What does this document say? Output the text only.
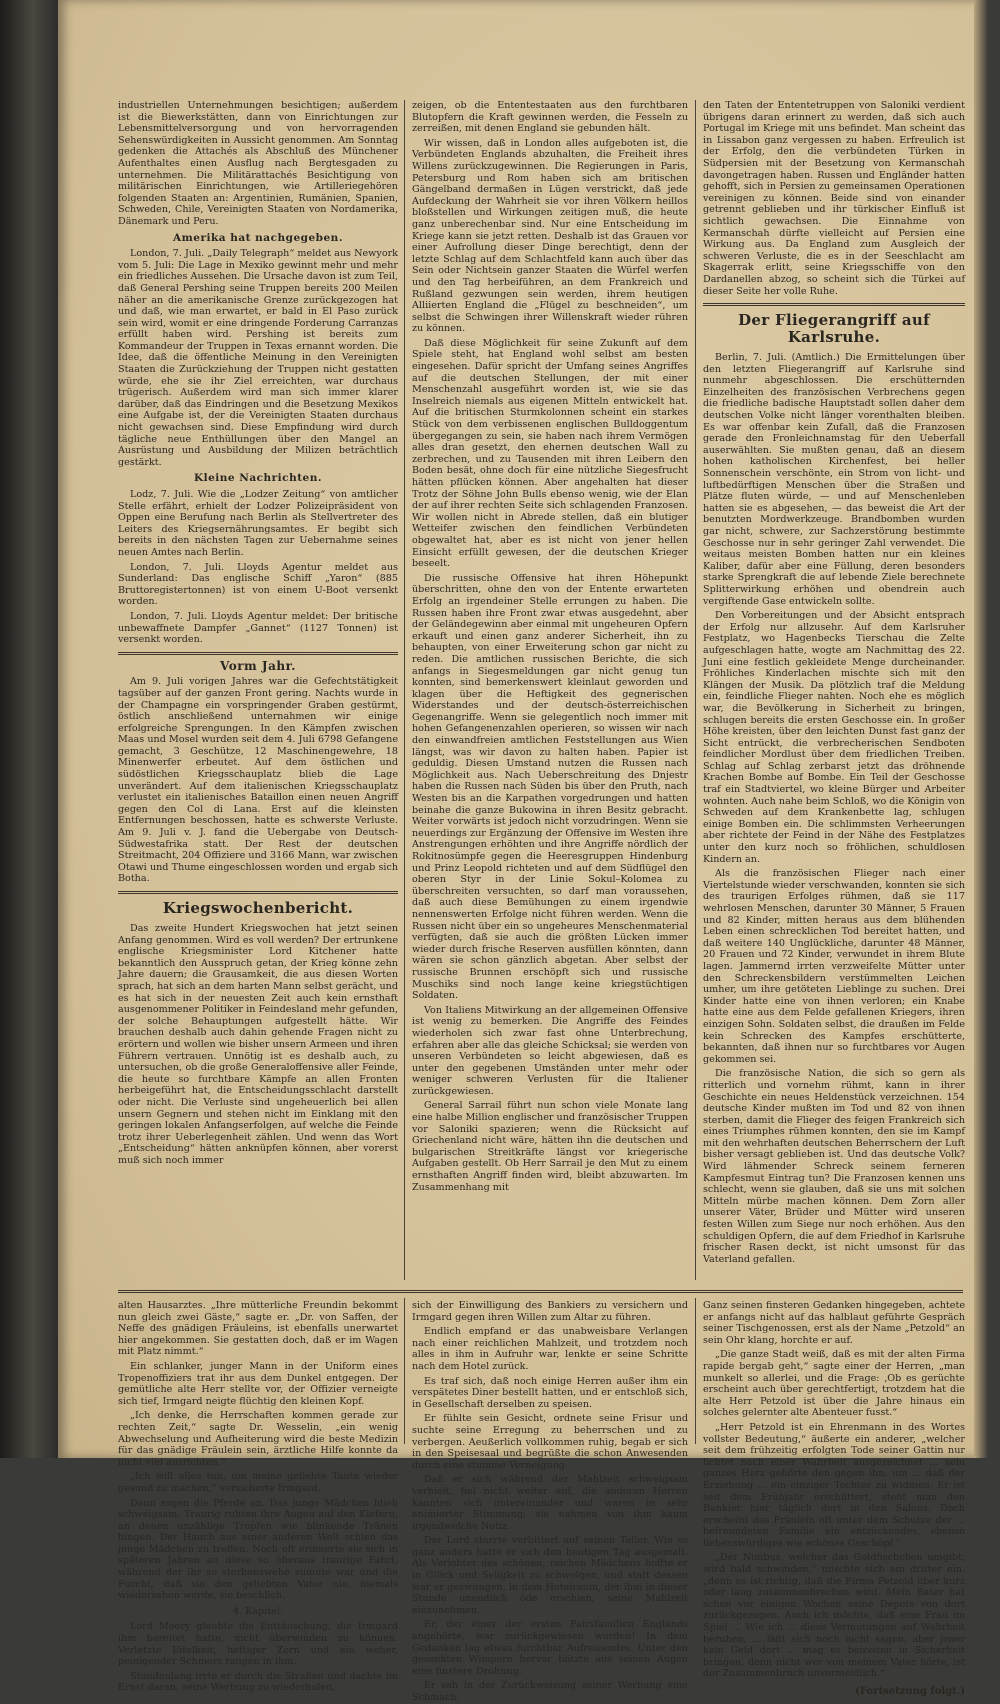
industriellen Unternehmungen besichtigen; außerdem ist die Biewerkstätten, dann von Einrichtungen zur Lebensmittelversorgung und von hervorragenden Sehenswürdigkeiten in Aussicht genommen. Am Sonntag gedenken die Attachés als Abschluß des Münchener Aufenthaltes einen Ausflug nach Bergtesgaden zu unternehmen. Die Militärattachés Besichtigung von militärischen Einrichtungen, wie Artilleriegehören folgenden Staaten an: Argentinien, Rumänien, Spanien, Schweden, Chile, Vereinigten Staaten von Nordamerika, Dänemark und Peru.

Amerika hat nachgegeben.

London, 7. Juli. „Daily Telegraph“ meldet aus Newyork vom 5. Juli: Die Lage in Mexiko gewinnt mehr und mehr ein friedliches Aussehen. Die Ursache davon ist zum Teil, daß General Pershing seine Truppen bereits 200 Meilen näher an die amerikanische Grenze zurückgezogen hat und daß, wie man erwartet, er bald in El Paso zurück sein wird, womit er eine dringende Forderung Carranzas erfüllt haben wird. Pershing ist bereits zum Kommandeur der Truppen in Texas ernannt worden. Die Idee, daß die öffentliche Meinung in den Vereinigten Staaten die Zurückziehung der Truppen nicht gestatten würde, ehe sie ihr Ziel erreichten, war durchaus trügerisch. Außerdem wird man sich immer klarer darüber, daß das Eindringen und die Besetzung Mexikos eine Aufgabe ist, der die Vereinigten Staaten durchaus nicht gewachsen sind. Diese Empfindung wird durch tägliche neue Enthüllungen über den Mangel an Ausrüstung und Ausbildung der Milizen beträchtlich gestärkt.

Kleine Nachrichten.

Lodz, 7. Juli. Wie die „Lodzer Zeitung“ von amtlicher Stelle erfährt, erhielt der Lodzer Polizeipräsident von Oppen eine Berufung nach Berlin als Stellvertreter des Leiters des Kriegsernährungsamtes. Er begibt sich bereits in den nächsten Tagen zur Uebernahme seines neuen Amtes nach Berlin.

London, 7. Juli. Lloyds Agentur meldet aus Sunderland: Das englische Schiff „Yaron“ (885 Bruttoregistertonnen) ist von einem U-Boot versenkt worden.

London, 7. Juli. Lloyds Agentur meldet: Der britische unbewaffnete Dampfer „Gannet“ (1127 Tonnen) ist versenkt worden.

Vorm Jahr.

Am 9. Juli vorigen Jahres war die Gefechtstätigkeit tagsüber auf der ganzen Front gering. Nachts wurde in der Champagne ein vorspringender Graben gestürmt, östlich anschließend unternahmen wir einige erfolgreiche Sprengungen. In den Kämpfen zwischen Maas und Mosel wurden seit dem 4. Juli 6798 Gefangene gemacht, 3 Geschütze, 12 Maschinengewehre, 18 Minenwerfer erbeutet. Auf dem östlichen und südöstlichen Kriegsschauplatz blieb die Lage unverändert. Auf dem italienischen Kriegsschauplatz verlustet ein italienisches Bataillon einen neuen Angriff gegen den Col di Lana. Erst auf die kleinsten Entfernungen beschossen, hatte es schwerste Verluste. Am 9. Juli v. J. fand die Uebergabe von Deutsch-Südwestafrika statt. Der Rest der deutschen Streitmacht, 204 Offiziere und 3166 Mann, war zwischen Otawi und Thume eingeschlossen worden und ergab sich Botha.

Kriegswochenbericht.

Das zweite Hundert Kriegswochen hat jetzt seinen Anfang genommen. Wird es voll werden? Der ertrunkene englische Kriegsminister Lord Kitchener hatte bekanntlich den Ausspruch getan, der Krieg könne zehn Jahre dauern; die Grausamkeit, die aus diesen Worten sprach, hat sich an dem harten Mann selbst gerächt, und es hat sich in der neuesten Zeit auch kein ernsthaft ausgenommener Politiker in Feindesland mehr gefunden, der solche Behauptungen aufgestellt hätte. Wir brauchen deshalb auch dahin gehende Fragen nicht zu erörtern und wollen wie bisher unsern Armeen und ihren Führern vertrauen. Unnötig ist es deshalb auch, zu untersuchen, ob die große Generaloffensive aller Feinde, die heute so furchtbare Kämpfe an allen Fronten herbeigeführt hat, die Entscheidungsschlacht darstellt oder nicht. Die Verluste sind ungeheuerlich bei allen unsern Gegnern und stehen nicht im Einklang mit den geringen lokalen Anfangserfolgen, auf welche die Feinde trotz ihrer Ueberlegenheit zählen. Und wenn das Wort „Entscheidung“ hätten anknüpfen können, aber vorerst muß sich noch immer

zeigen, ob die Ententestaaten aus den furchtbaren Blutopfern die Kraft gewinnen werden, die Fesseln zu zerreißen, mit denen England sie gebunden hält.

Wir wissen, daß in London alles aufgeboten ist, die Verbündeten Englands abzuhalten, die Freiheit ihres Willens zurückzugewinnen. Die Regierungen in Paris, Petersburg und Rom haben sich am britischen Gängelband dermaßen in Lügen verstrickt, daß jede Aufdeckung der Wahrheit sie vor ihren Völkern heillos bloßstellen und Wirkungen zeitigen muß, die heute ganz unberechenbar sind. Nur eine Entscheidung im Kriege kann sie jetzt retten. Deshalb ist das Grauen vor einer Aufrollung dieser Dinge berechtigt, denn der letzte Schlag auf dem Schlachtfeld kann auch über das Sein oder Nichtsein ganzer Staaten die Würfel werfen und den Tag herbeiführen, an dem Frankreich und Rußland gezwungen sein werden, ihrem heutigen Alliierten England die „Flügel zu beschneiden“, um selbst die Schwingen ihrer Willenskraft wieder rühren zu können.

Daß diese Möglichkeit für seine Zukunft auf dem Spiele steht, hat England wohl selbst am besten eingesehen. Dafür spricht der Umfang seines Angriffes auf die deutschen Stellungen, der mit einer Menschenzahl ausgeführt worden ist, wie sie das Inselreich niemals aus eigenen Mitteln entwickelt hat. Auf die britischen Sturmkolonnen scheint ein starkes Stück von dem verbissenen englischen Bulldoggentum übergegangen zu sein, sie haben nach ihrem Vermögen alles dran gesetzt, den ehernen deutschen Wall zu zerbrechen, und zu Tausenden mit ihren Leibern den Boden besät, ohne doch für eine nützliche Siegesfrucht hätten pflücken können. Aber angehalten hat dieser Trotz der Söhne John Bulls ebenso wenig, wie der Elan der auf ihrer rechten Seite sich schlagenden Franzosen. Wir wollen nicht in Abrede stellen, daß ein blutiger Wetteifer zwischen den feindlichen Verbündeten obgewaltet hat, aber es ist nicht von jener hellen Einsicht erfüllt gewesen, der die deutschen Krieger beseelt.

Die russische Offensive hat ihren Höhepunkt überschritten, ohne den von der Entente erwarteten Erfolg an irgendeiner Stelle errungen zu haben. Die Russen haben ihre Front zwar etwas ausgedehnt, aber der Geländegewinn aber einmal mit ungeheuren Opfern erkauft und einen ganz anderer Sicherheit, ihn zu behaupten, von einer Erweiterung schon gar nicht zu reden. Die amtlichen russischen Berichte, die sich anfangs in Siegesmeldungen gar nicht genug tun konnten, sind bemerkenswert kleinlaut geworden und klagen über die Heftigkeit des gegnerischen Widerstandes und der deutsch-österreichischen Gegenangriffe. Wenn sie gelegentlich noch immer mit hohen Gefangenenzahlen operieren, so wissen wir nach den einwandfreien amtlichen Feststellungen aus Wien längst, was wir davon zu halten haben. Papier ist geduldig. Diesen Umstand nutzen die Russen nach Möglichkeit aus. Nach Ueberschreitung des Dnjestr haben die Russen nach Süden bis über den Pruth, nach Westen bis an die Karpathen vorgedrungen und hatten beinahe die ganze Bukowina in ihren Besitz gebracht. Weiter vorwärts ist jedoch nicht vorzudringen. Wenn sie neuerdings zur Ergänzung der Offensive im Westen ihre Anstrengungen erhöhten und ihre Angriffe nördlich der Rokitnosümpfe gegen die Heeresgruppen Hindenburg und Prinz Leopold richteten und auf dem Südflügel den oberen Styr in der Linie Sokul–Kolomea zu überschreiten versuchten, so darf man voraussehen, daß auch diese Bemühungen zu einem irgendwie nennenswerten Erfolge nicht führen werden. Wenn die Russen nicht über ein so ungeheures Menschenmaterial verfügten, daß sie auch die größten Lücken immer wieder durch frische Reserven ausfüllen könnten, dann wären sie schon gänzlich abgetan. Aber selbst der russische Brunnen erschöpft sich und russische Muschiks sind noch lange keine kriegstüchtigen Soldaten.

Von Italiens Mitwirkung an der allgemeinen Offensive ist wenig zu bemerken. Die Angriffe des Feindes wiederholen sich zwar fast ohne Unterbrechung, erfahren aber alle das gleiche Schicksal; sie werden von unseren Verbündeten so leicht abgewiesen, daß es unter den gegebenen Umständen unter mehr oder weniger schweren Verlusten für die Italiener zurückgewiesen.

General Sarrail führt nun schon viele Monate lang eine halbe Million englischer und französischer Truppen vor Saloniki spazieren; wenn die Rücksicht auf Griechenland nicht wäre, hätten ihn die deutschen und bulgarischen Streitkräfte längst vor kriegerische Aufgaben gestellt. Ob Herr Sarrail je den Mut zu einem ernsthaften Angriff finden wird, bleibt abzuwarten. Im Zusammenhang mit

den Taten der Ententetruppen von Saloniki verdient übrigens daran erinnert zu werden, daß sich auch Portugal im Kriege mit uns befindet. Man scheint das in Lissabon ganz vergessen zu haben. Erfreulich ist der Erfolg, den die verbündeten Türken in Südpersien mit der Besetzung von Kermanschah davongetragen haben. Russen und Engländer hatten gehofft, sich in Persien zu gemeinsamen Operationen vereinigen zu können. Beide sind von einander getrennt geblieben und ihr türkischer Einfluß ist sichtlich gewachsen. Die Einnahme von Kermanschah dürfte vielleicht auf Persien eine Wirkung aus. Da England zum Ausgleich der schweren Verluste, die es in der Seeschlacht am Skagerrak erlitt, seine Kriegsschiffe von den Dardanellen abzog, so scheint sich die Türkei auf dieser Seite her volle Ruhe.

Der Fliegerangriff auf Karlsruhe.

Berlin, 7. Juli. (Amtlich.) Die Ermittelungen über den letzten Fliegerangriff auf Karlsruhe sind nunmehr abgeschlossen. Die erschütternden Einzelheiten des französischen Verbrechens gegen die friedliche badische Hauptstadt sollen daher dem deutschen Volke nicht länger vorenthalten bleiben. Es war offenbar kein Zufall, daß die Franzosen gerade den Fronleichnamstag für den Ueberfall auserwählten. Sie mußten genau, daß an diesem hohen katholischen Kirchenfest, bei heller Sonnenschein verschönte, ein Strom von licht- und luftbedürftigen Menschen über die Straßen und Plätze fluten würde, — und auf Menschenleben hatten sie es abgesehen, — das beweist die Art der benutzten Mordwerkzeuge. Brandbomben wurden gar nicht, schwere, zur Sachzerstörung bestimmte Geschosse nur in sehr geringer Zahl verwendet. Die weitaus meisten Bomben hatten nur ein kleines Kaliber, dafür aber eine Füllung, deren besonders starke Sprengkraft die auf lebende Ziele berechnete Splitterwirkung erhöhen und obendrein auch vergiftende Gase entwickeln sollte.

Den Vorbereitungen und der Absicht entsprach der Erfolg nur allzusehr. Auf dem Karlsruher Festplatz, wo Hagenbecks Tierschau die Zelte aufgeschlagen hatte, wogte am Nachmittag des 22. Juni eine festlich gekleidete Menge durcheinander. Fröhliches Kinderlachen mischte sich mit den Klängen der Musik. Da plötzlich traf die Meldung ein, feindliche Flieger nahten. Noch ehe es möglich war, die Bevölkerung in Sicherheit zu bringen, schlugen bereits die ersten Geschosse ein. In großer Höhe kreisten, über den leichten Dunst fast ganz der Sicht entrückt, die verbrecherischen Sendboten feindlicher Mordlust über dem friedlichen Treiben. Schlag auf Schlag zerbarst jetzt das dröhnende Krachen Bombe auf Bombe. Ein Teil der Geschosse traf ein Stadtviertel, wo kleine Bürger und Arbeiter wohnten. Auch nahe beim Schloß, wo die Königin von Schweden auf dem Krankenbette lag, schlugen einige Bomben ein. Die schlimmsten Verheerungen aber richtete der Feind in der Nähe des Festplatzes unter den kurz noch so fröhlichen, schuldlosen Kindern an.

Als die französischen Flieger nach einer Viertelstunde wieder verschwanden, konnten sie sich des traurigen Erfolges rühmen, daß sie 117 wehrlosen Menschen, darunter 30 Männer, 5 Frauen und 82 Kinder, mitten heraus aus dem blühenden Leben einen schrecklichen Tod bereitet hatten, und daß weitere 140 Unglückliche, darunter 48 Männer, 20 Frauen und 72 Kinder, verwundet in ihrem Blute lagen. Jammernd irrten verzweifelte Mütter unter den Schreckensbildern verstümmelten Leichen umher, um ihre getöteten Lieblinge zu suchen. Drei Kinder hatte eine von ihnen verloren; ein Knabe hatte eine aus dem Felde gefallenen Kriegers, ihren einzigen Sohn. Soldaten selbst, die draußen im Felde kein Schrecken des Kampfes erschütterte, bekannten, daß ihnen nur so furchtbares vor Augen gekommen sei.

Die französische Nation, die sich so gern als ritterlich und vornehm rühmt, kann in ihrer Geschichte ein neues Heldenstück verzeichnen. 154 deutsche Kinder mußten im Tod und 82 von ihnen sterben, damit die Flieger des feigen Frankreich sich eines Triumphes rühmen konnten, den sie im Kampf mit den wehrhaften deutschen Beherrschern der Luft bisher versagt geblieben ist. Und das deutsche Volk? Wird lähmender Schreck seinem ferneren Kampfesmut Eintrag tun? Die Franzosen kennen uns schlecht, wenn sie glauben, daß sie uns mit solchen Mitteln mürbe machen können. Dem Zorn aller unserer Väter, Brüder und Mütter wird unseren festen Willen zum Siege nur noch erhöhen. Aus den schuldigen Opfern, die auf dem Friedhof in Karlsruhe frischer Rasen deckt, ist nicht umsonst für das Vaterland gefallen.

alten Hausarztes. „Ihre mütterliche Freundin bekommt nun gleich zwei Gäste,“ sagte er. „Dr. von Saffen, der Neffe des gnädigen Fräuleins, ist ebenfalls unerwartet hier angekommen. Sie gestatten doch, daß er im Wagen mit Platz nimmt.“

Ein schlanker, junger Mann in der Uniform eines Tropenoffiziers trat ihr aus dem Dunkel entgegen. Der gemütliche alte Herr stellte vor, der Offizier verneigte sich tief, Irmgard neigte flüchtig den kleinen Kopf.

„Ich denke, die Herrschaften kommen gerade zur rechten Zeit,“ sagte Dr. Wesselin, „ein wenig Abwechselung und Aufheiterung wird die beste Medizin für das gnädige Fräulein sein, ärztliche Hilfe konnte da nicht viel ausrichten.“

„Ich will alles tun, um meine geliebte Tante wieder gesund zu machen,“ versicherte Irmgard.

Dann zogen die Pferde an. Das junge Mädchen blieb schweigsam. Traurig ruhten ihre Augen auf den Kiefern, an denen unzählige Tropfen wie blinkende Tränen hingen. Der Hauch aus einer anderen Welt schien das junge Mädchen zu treffen. Noch oft erinnerte sie sich in späteren Jahren an diese so überaus traurige Fahrt, während der ihr so sterbenswehe zumute war und die Furcht, daß sie den geliebten Vater nie, niemals wiedersehen werde, sie beschlich.

4. Kapitel.

Lord Moory glaubte die Enttäuschung, die Irmgard ihm bereitet hatte, nicht überwinden zu können. Verletzte Eitelkeit, heftiger Zorn und ein weher, peinigender Schmerz rangen in ihm.

Stundenlang irrte er durch die Straßen und dachte im Ernst daran, seine Werbung zu wiederholen,

sich der Einwilligung des Bankiers zu versichern und Irmgard gegen ihren Willen zum Altar zu führen.

Endlich empfand er das unabweisbare Verlangen nach einer reichlichen Mahlzeit, und trotzdem noch alles in ihm in Aufruhr war, lenkte er seine Schritte nach dem Hotel zurück.

Es traf sich, daß noch einige Herren außer ihm ein verspätetes Diner bestellt hatten, und er entschloß sich, in Gesellschaft derselben zu speisen.

Er fühlte sein Gesicht, ordnete seine Frisur und suchte seine Erregung zu beherrschen und zu verbergen. Aeußerlich vollkommen ruhig, begab er sich in den Speisesaal und begrüßte die schon Anwesenden durch eine stumme Verneigung.

Daß er sich während der Mahlzeit schweigsam verhielt, fiel nicht weiter auf, die anderen Herren kannten sich untereinander und waren in sehr animierter Stimmung; sie nahmen von ihm kaum irgendwelche Notiz.

Der Lord starrte verbittert auf seinen Teller. Wie so ganz anders hatte er sich den heutigen Tag ausgemalt. Als Verlobter des schönen, reichen Mädchens hoffte er in Glück und Seligkeit zu schwelgen, und statt dessen war er gezwungen, in dem Hotelraum, der ihm in dieser Stunde unendlich öde erschien, seine Mahlzeit einzunehmen.

Er, der einer der ersten Pairsfamilien Englands angehörte, war zurückgewiesen worden! In dem Gedanken lag etwas furchtbar Aufreizendes. Unter den gesenkten Wimpern hervor blitzte aus seinen Augen eine finstere Drohung.

Er sah in der Zurückweisung seiner Werbung eine Schmach.

Ganz seinen finsteren Gedanken hingegeben, achtete er anfangs nicht auf das halblaut geführte Gespräch seiner Tischgenossen, erst als der Name „Petzold“ an sein Ohr klang, horchte er auf.

„Die ganze Stadt weiß, daß es mit der alten Firma rapide bergab geht,“ sagte einer der Herren, „man munkelt so allerlei, und die Frage: ‚Ob es gerüchte erscheint auch über gerechtfertigt, trotzdem hat die alte Herr Petzold ist über die Jahre hinaus ein solches gelernter alte Abenteuer fusst.“

„Herr Petzold ist ein Ehrenmann in des Wortes vollster Bedeutung,“ äußerte ein anderer, „welcher seit dem frühzeitig erfolgten Tode seiner Gattin nur lichtet nach einer Wahrheit ausgezeichnet ... sein ganzes Herz gehörte den gegen ihn, um ... daß der Erziehung ... ein einziger Tochter zu widmen. Er ist seit dem Frühjahr erschüttert, steht man den Bankier hier täglich dort in den Salons. Doch erscheint das Fräulein oft unter dem Schutze der ... befreundeten Familie ein entzückendes, ebenso liebenswürdiges wie schönes Geschöpf.“

„Der Nimbus, welcher das Goldfischchen umgibt, wird bald schwinden,“ mischte sich ein dritter ein. „denn es ist richtig, daß die Firma Petzold über kurz oder lang zusammenbrechen wird. Mein Bater hat schon vor einigen Wochen seine Depots von dort zurückgezogen. Auch ich möchte, daß eine Frau im Spiel ... Wie ich ... diese Vermutungen auf Wahrheit beruhen, ... läßt sich noch nicht sagen, aber jener kein Geld dort ... mag es beizeiten in Sicherheit bringen, denn nicht wer von meinem Vater hörte, ist der Zusammenbruch unvermeidlich.“

(Fortsetzung folgt.)
